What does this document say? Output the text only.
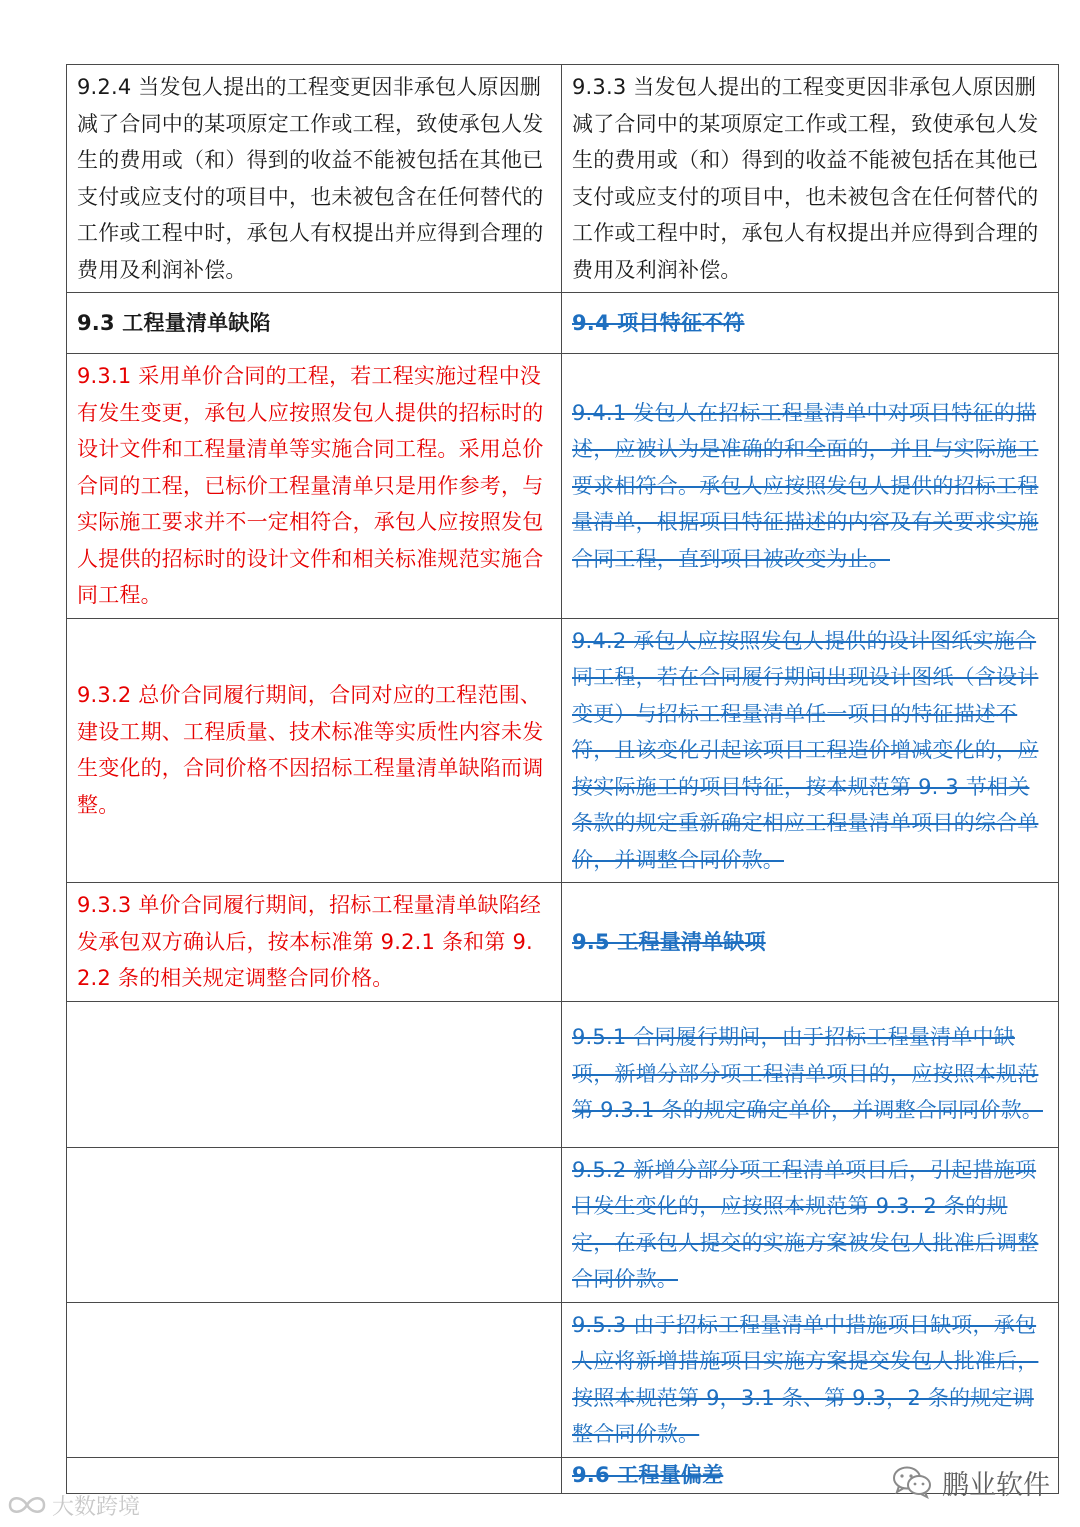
9.2.4 当发包人提出的工程变更因非承包人原因删减了合同中的某项原定工作或工程，致使承包人发生的费用或（和）得到的收益不能被包括在其他已支付或应支付的项目中，也未被包含在任何替代的工作或工程中时，承包人有权提出并应得到合理的费用及利润补偿。	9.3.3 当发包人提出的工程变更因非承包人原因删减了合同中的某项原定工作或工程，致使承包人发生的费用或（和）得到的收益不能被包括在其他已支付或应支付的项目中，也未被包含在任何替代的工作或工程中时，承包人有权提出并应得到合理的费用及利润补偿。
9.3 工程量清单缺陷	9.4 项目特征不符
9.3.1 采用单价合同的工程，若工程实施过程中没有发生变更，承包人应按照发包人提供的招标时的设计文件和工程量清单等实施合同工程。采用总价合同的工程，已标价工程量清单只是用作参考，与实际施工要求并不一定相符合，承包人应按照发包人提供的招标时的设计文件和相关标准规范实施合同工程。	9.4.1 发包人在招标工程量清单中对项目特征的描述，应被认为是准确的和全面的，并且与实际施工要求相符合。承包人应按照发包人提供的招标工程量清单，根据项目特征描述的内容及有关要求实施合同工程，直到项目被改变为止。
9.3.2 总价合同履行期间，合同对应的工程范围、建设工期、工程质量、技术标准等实质性内容未发生变化的，合同价格不因招标工程量清单缺陷而调整。	9.4.2 承包人应按照发包人提供的设计图纸实施合同工程，若在合同履行期间出现设计图纸（含设计变更）与招标工程量清单任一项目的特征描述不符，且该变化引起该项目工程造价增减变化的，应按实际施工的项目特征，按本规范第 9. 3 节相关条款的规定重新确定相应工程量清单项目的综合单价，并调整合同价款。
9.3.3 单价合同履行期间，招标工程量清单缺陷经发承包双方确认后，按本标准第 9.2.1 条和第 9.2.2 条的相关规定调整合同价格。	9.5 工程量清单缺项
	9.5.1 合同履行期间，由于招标工程量清单中缺项，新增分部分项工程清单项目的，应按照本规范第 9.3.1 条的规定确定单价，并调整合同同价款。
	9.5.2 新增分部分项工程清单项目后，引起措施项目发生变化的，应按照本规范第 9.3. 2 条的规定，在承包人提交的实施方案被发包人批准后调整合同价款。
	9.5.3 由于招标工程量清单中措施项目缺项，承包人应将新增措施项目实施方案提交发包人批准后，按照本规范第 9，3.1 条、第 9.3，2 条的规定调整合同价款。
	9.6 工程量偏差	鹏业软件
大数跨境
